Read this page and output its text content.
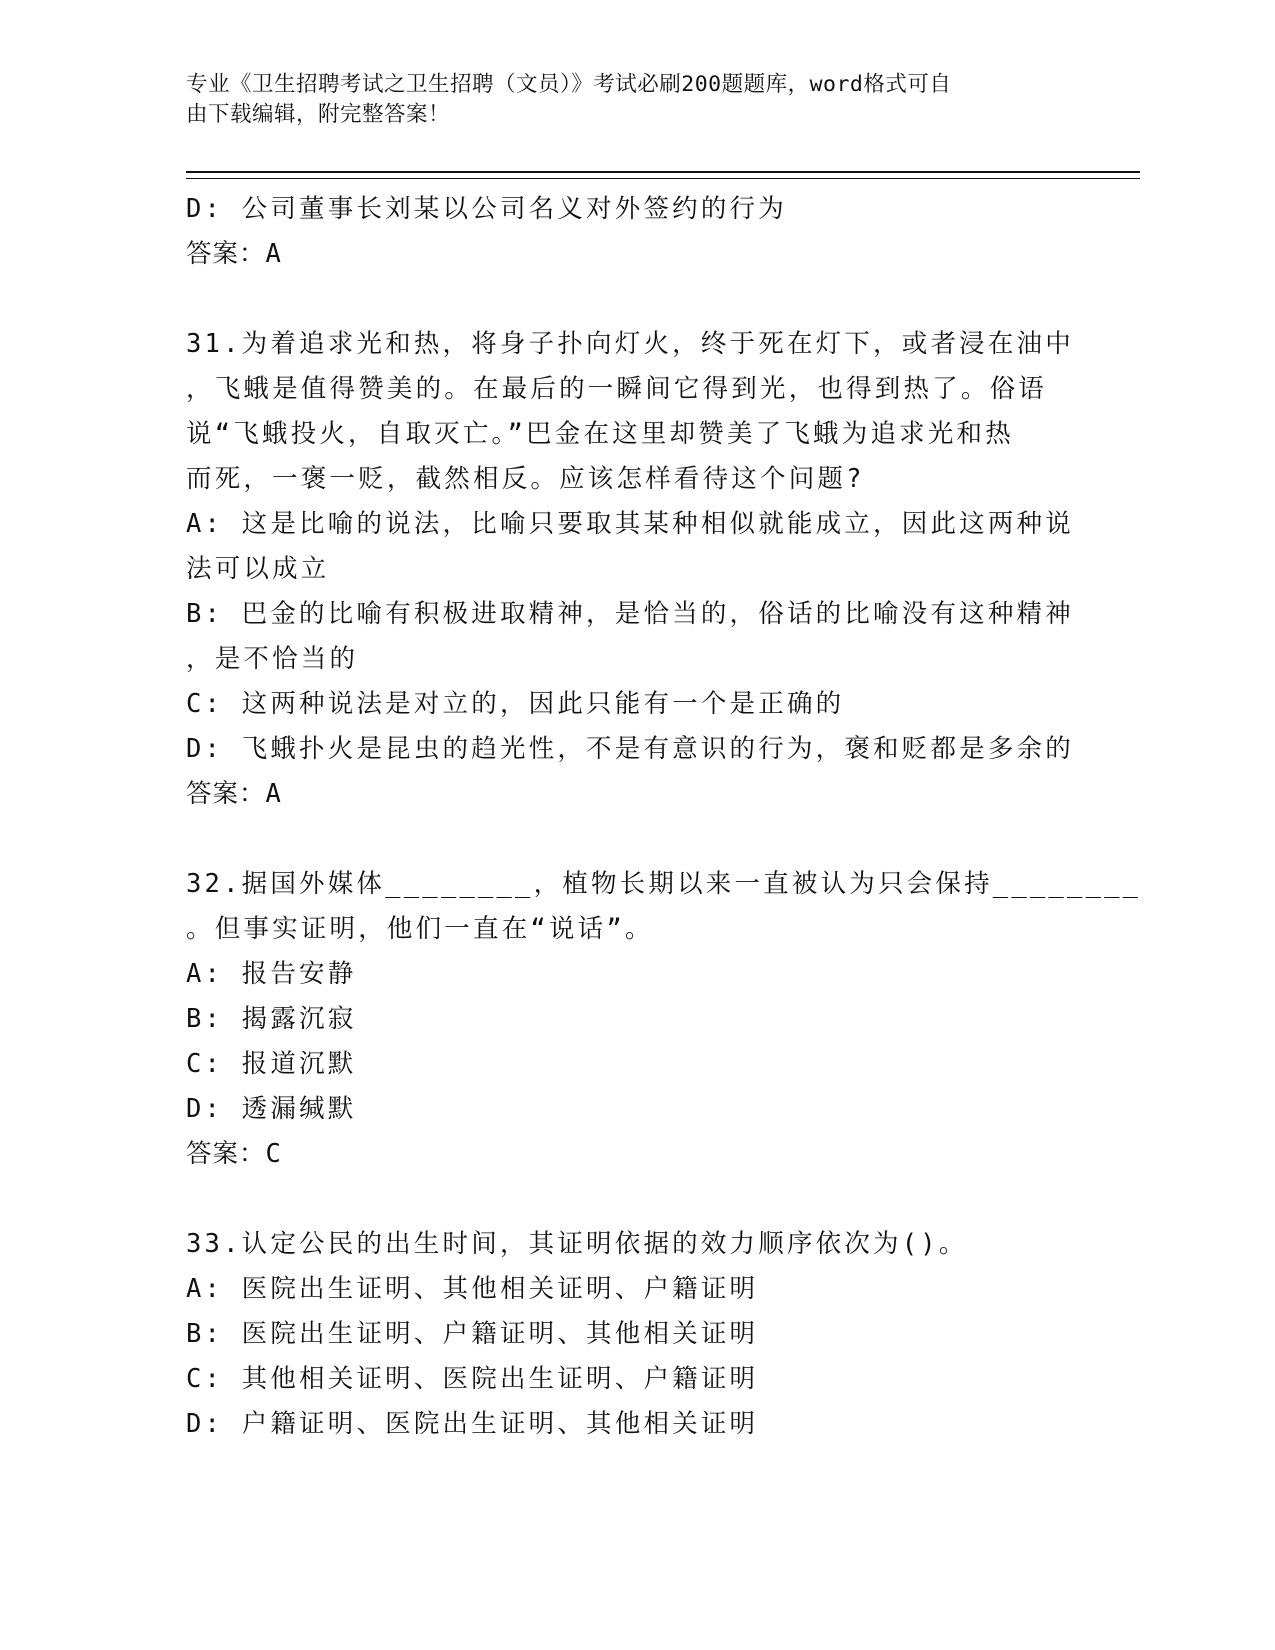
专业《卫生招聘考试之卫生招聘（文员）》考试必刷200题题库，word格式可自
由下载编辑，附完整答案！
D: 公司董事长刘某以公司名义对外签约的行为
答案：A
31.为着追求光和热，将身子扑向灯火，终于死在灯下，或者浸在油中
，飞蛾是值得赞美的。在最后的一瞬间它得到光，也得到热了。俗语
说“飞蛾投火，自取灭亡。”巴金在这里却赞美了飞蛾为追求光和热
而死，一褒一贬，截然相反。应该怎样看待这个问题?
A: 这是比喻的说法，比喻只要取其某种相似就能成立，因此这两种说
法可以成立
B: 巴金的比喻有积极进取精神，是恰当的，俗话的比喻没有这种精神
，是不恰当的
C: 这两种说法是对立的，因此只能有一个是正确的
D: 飞蛾扑火是昆虫的趋光性，不是有意识的行为，褒和贬都是多余的
答案：A
32.据国外媒体________，植物长期以来一直被认为只会保持________
。但事实证明，他们一直在“说话”。
A: 报告安静
B: 揭露沉寂
C: 报道沉默
D: 透漏缄默
答案：C
33.认定公民的出生时间，其证明依据的效力顺序依次为()。
A: 医院出生证明、其他相关证明、户籍证明
B: 医院出生证明、户籍证明、其他相关证明
C: 其他相关证明、医院出生证明、户籍证明
D: 户籍证明、医院出生证明、其他相关证明
